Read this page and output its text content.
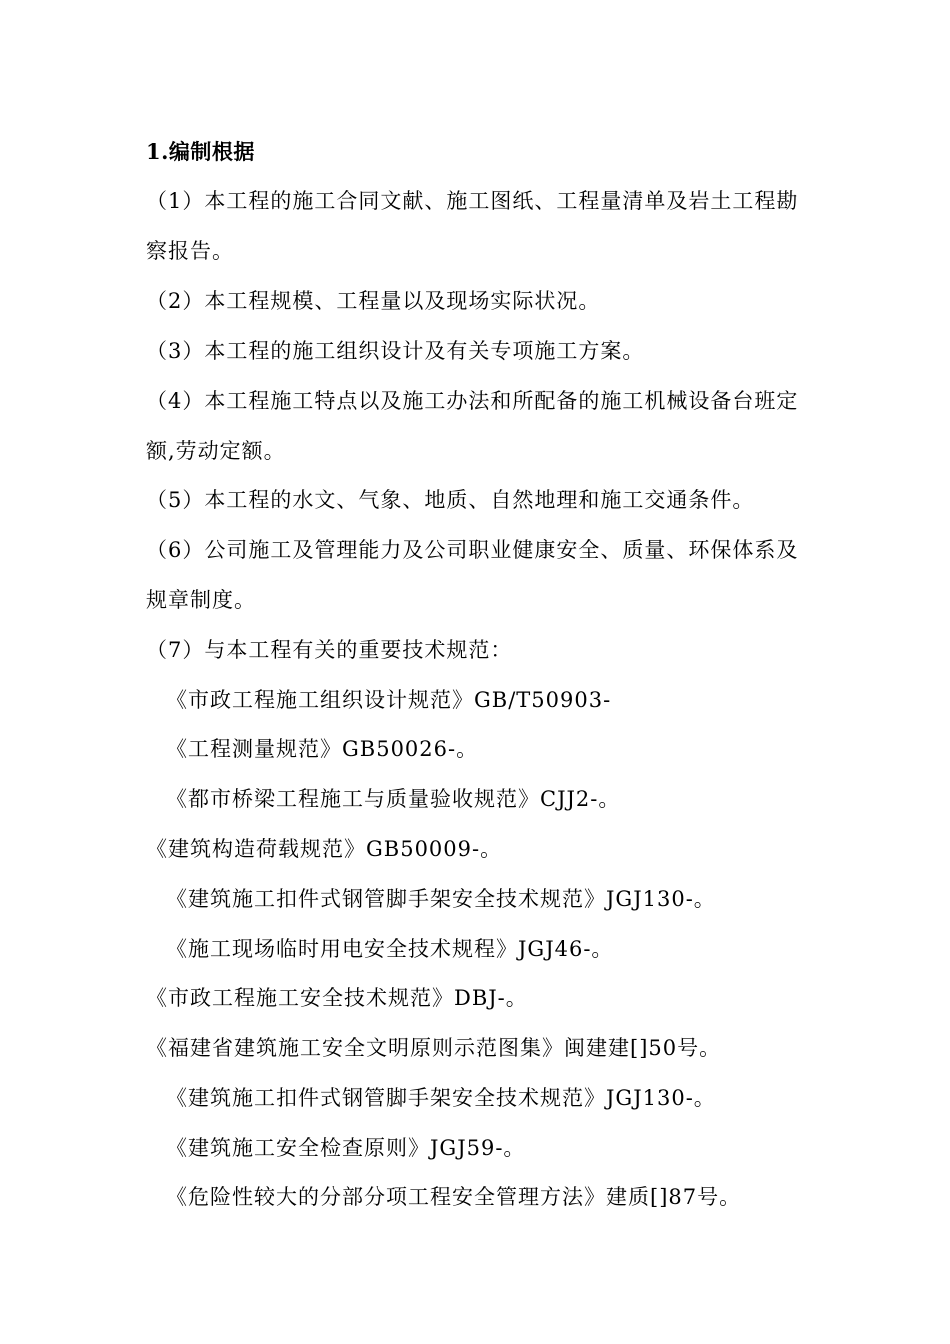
1.编制根据
（1）本工程的施工合同文献、施工图纸、工程量清单及岩土工程勘
察报告。
（2）本工程规模、工程量以及现场实际状况。
（3）本工程的施工组织设计及有关专项施工方案。
（4）本工程施工特点以及施工办法和所配备的施工机械设备台班定
额,劳动定额。
（5）本工程的水文、气象、地质、自然地理和施工交通条件。
（6）公司施工及管理能力及公司职业健康安全、质量、环保体系及
规章制度。
（7）与本工程有关的重要技术规范：
《市政工程施工组织设计规范》GB/T50903-
《工程测量规范》GB50026-。
《都市桥梁工程施工与质量验收规范》CJJ2-。
《建筑构造荷载规范》GB50009-。
《建筑施工扣件式钢管脚手架安全技术规范》JGJ130-。
《施工现场临时用电安全技术规程》JGJ46-。
《市政工程施工安全技术规范》DBJ-。
《福建省建筑施工安全文明原则示范图集》闽建建[]50号。
《建筑施工扣件式钢管脚手架安全技术规范》JGJ130-。
《建筑施工安全检查原则》JGJ59-。
《危险性较大的分部分项工程安全管理方法》建质[]87号。
